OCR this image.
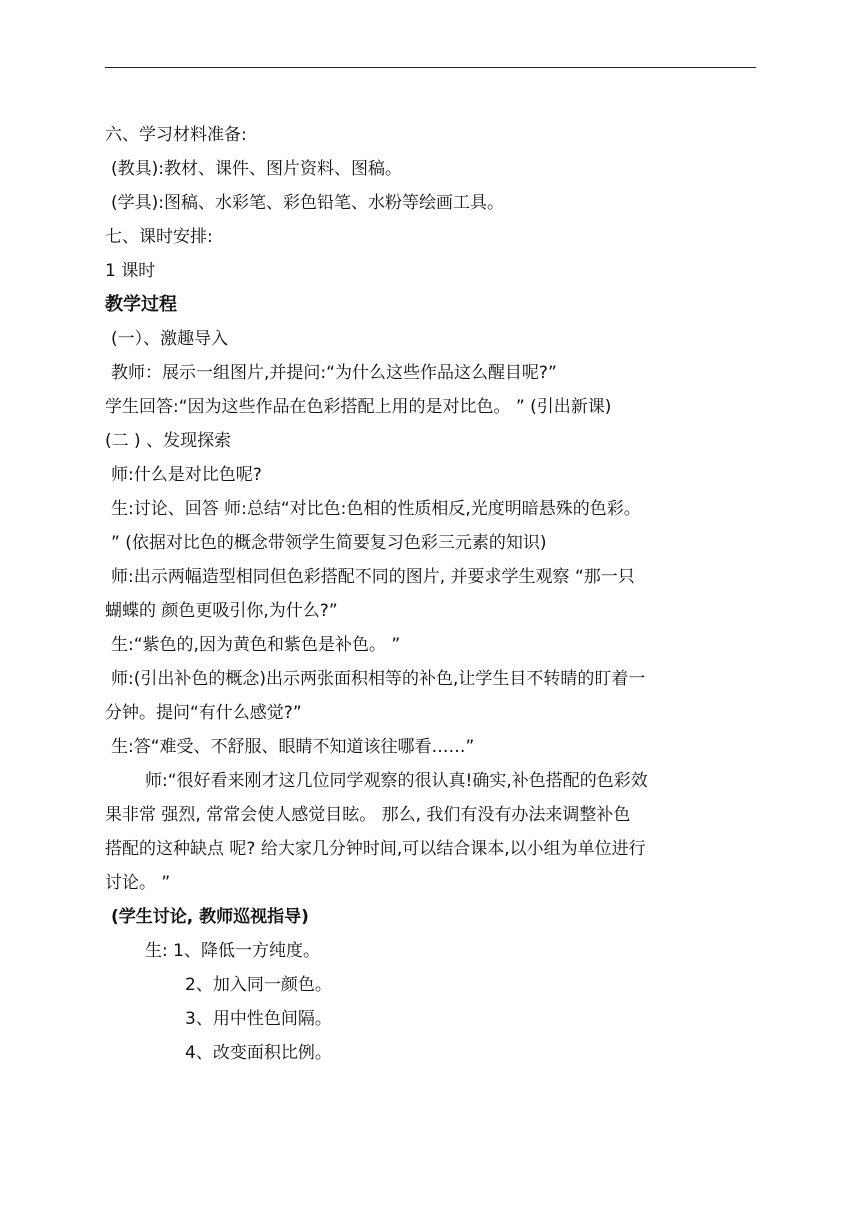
六、学习材料准备:

(教具):教材、课件、图片资料、图稿。

(学具):图稿、水彩笔、彩色铅笔、水粉等绘画工具。

七、课时安排:

1 课时

教学过程

(一）、激趣导入

教师：展示一组图片,并提问:“为什么这些作品这么醒目呢?”

学生回答:“因为这些作品在色彩搭配上用的是对比色。 ” (引出新课)

(二 ) 、发现探索

师:什么是对比色呢?

生:讨论、回答 师:总结“对比色:色相的性质相反,光度明暗悬殊的色彩。

” (依据对比色的概念带领学生简要复习色彩三元素的知识)

师:出示两幅造型相同但色彩搭配不同的图片, 并要求学生观察 “那一只

蝴蝶的 颜色更吸引你,为什么?”

生:“紫色的,因为黄色和紫色是补色。 ”

师:(引出补色的概念)出示两张面积相等的补色,让学生目不转睛的盯着一

分钟。提问“有什么感觉?”

生:答“难受、不舒服、眼睛不知道该往哪看……”

师:“很好看来刚才这几位同学观察的很认真!确实,补色搭配的色彩效

果非常 强烈, 常常会使人感觉目眩。 那么, 我们有没有办法来调整补色

搭配的这种缺点 呢? 给大家几分钟时间,可以结合课本,以小组为单位进行

讨论。 ”

(学生讨论, 教师巡视指导)

生: 1、降低一方纯度。

2、加入同一颜色。

3、用中性色间隔。

4、改变面积比例。
